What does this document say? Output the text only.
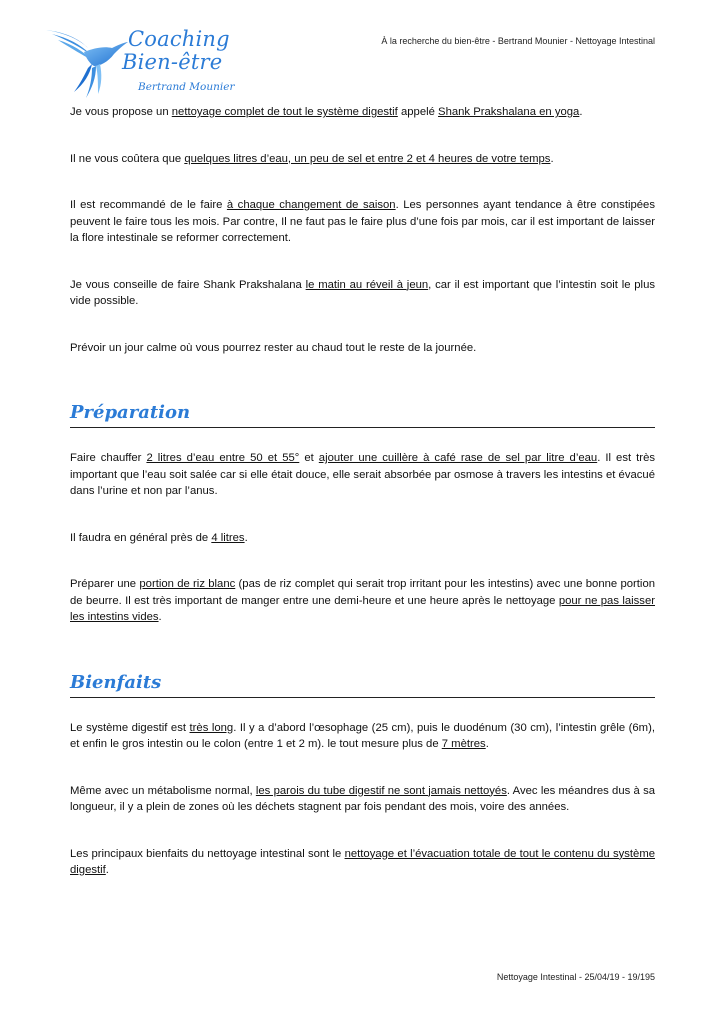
Coaching
Bien-être
Bertrand Mounier
À la recherche du bien-être - Bertrand Mounier - Nettoyage Intestinal

Je vous propose un nettoyage complet de tout le système digestif appelé Shank Prakshalana en yoga.

Il ne vous coûtera que quelques litres d’eau, un peu de sel et entre 2 et 4 heures de votre temps.

Il est recommandé de le faire à chaque changement de saison. Les personnes ayant tendance à être constipées peuvent le faire tous les mois. Par contre, Il ne faut pas le faire plus d’une fois par mois, car il est important de laisser la flore intestinale se reformer correctement.

Je vous conseille de faire Shank Prakshalana le matin au réveil à jeun, car il est important que l’intestin soit le plus vide possible.

Prévoir un jour calme où vous pourrez rester au chaud tout le reste de la journée.

Préparation

Faire chauffer 2 litres d’eau entre 50 et 55° et ajouter une cuillère à café rase de sel par litre d’eau. Il est très important que l’eau soit salée car si elle était douce, elle serait absorbée par osmose à travers les intestins et évacué dans l’urine et non par l’anus.

Il faudra en général près de 4 litres.

Préparer une portion de riz blanc (pas de riz complet qui serait trop irritant pour les intestins) avec une bonne portion de beurre. Il est très important de manger entre une demi-heure et une heure après le nettoyage pour ne pas laisser les intestins vides.

Bienfaits

Le système digestif est très long. Il y a d’abord l’œsophage (25 cm), puis le duodénum (30 cm), l’intestin grêle (6m), et enfin le gros intestin ou le colon (entre 1 et 2 m). le tout mesure plus de 7 mètres.

Même avec un métabolisme normal, les parois du tube digestif ne sont jamais nettoyés. Avec les méandres dus à sa longueur, il y a plein de zones où les déchets stagnent par fois pendant des mois, voire des années.

Les principaux bienfaits du nettoyage intestinal sont le nettoyage et l’évacuation totale de tout le contenu du système digestif.

Nettoyage Intestinal - 25/04/19 - 19/195
